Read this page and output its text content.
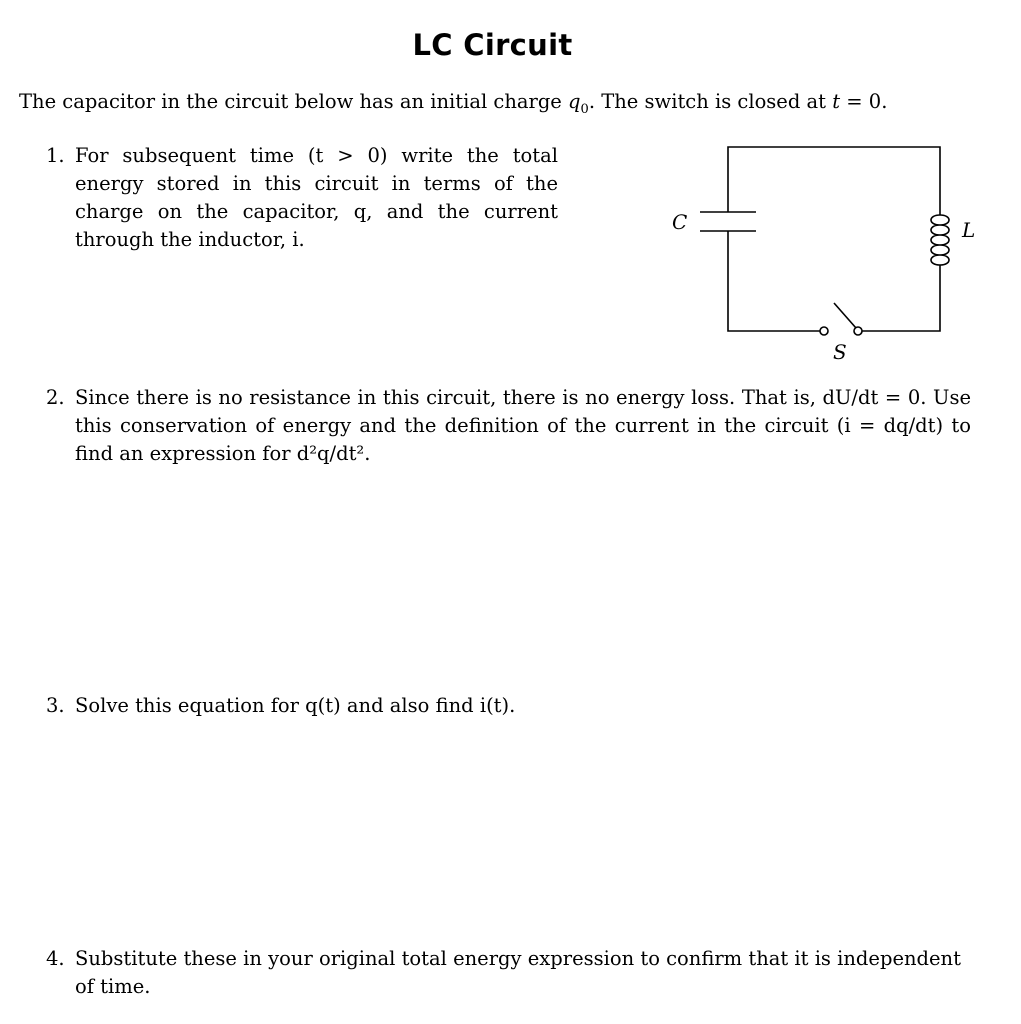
LC Circuit
The capacitor in the circuit below has an initial charge $q_0$. The switch is closed at t = 0.
1. For subsequent time (t > 0) write the total energy stored in this circuit in terms of the charge on the capacitor, q, and the current through the inductor, i.
C	L
S
2. Since there is no resistance in this circuit, there is no energy loss. That is, dU/dt = 0. Use this conservation of energy and the definition of the current in the circuit (i = dq/dt) to find an expression for d²q/dt².
3. Solve this equation for q(t) and also find i(t).
4. Substitute these in your original total energy expression to confirm that it is independent of time.
